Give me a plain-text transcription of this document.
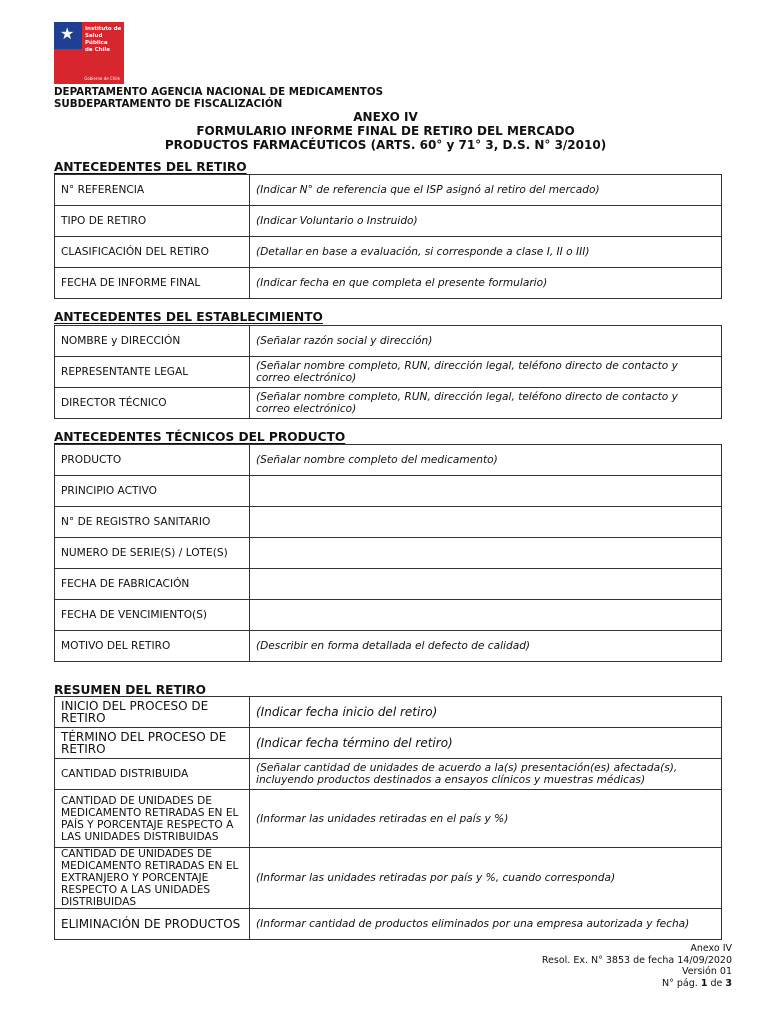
★ Instituto de
Salud Pública
de Chile
Gobierno de Chile
DEPARTAMENTO AGENCIA NACIONAL DE MEDICAMENTOS
SUBDEPARTAMENTO DE FISCALIZACIÓN
ANEXO IV
FORMULARIO INFORME FINAL DE RETIRO DEL MERCADO
PRODUCTOS FARMACÉUTICOS (ARTS. 60° y 71° 3, D.S. N° 3/2010)
ANTECEDENTES DEL RETIRO
N° REFERENCIA	(Indicar N° de referencia que el ISP asignó al retiro del mercado)
TIPO DE RETIRO	(Indicar Voluntario o Instruido)
CLASIFICACIÓN DEL RETIRO	(Detallar en base a evaluación, si corresponde a clase I, II o III)
FECHA DE INFORME FINAL	(Indicar fecha en que completa el presente formulario)
ANTECEDENTES DEL ESTABLECIMIENTO
NOMBRE y DIRECCIÓN	(Señalar razón social y dirección)
REPRESENTANTE LEGAL	(Señalar nombre completo, RUN, dirección legal, teléfono directo de contacto y correo electrónico)
DIRECTOR TÉCNICO	(Señalar nombre completo, RUN, dirección legal, teléfono directo de contacto y correo electrónico)
ANTECEDENTES TÉCNICOS DEL PRODUCTO
PRODUCTO	(Señalar nombre completo del medicamento)
PRINCIPIO ACTIVO	
N° DE REGISTRO SANITARIO	
NUMERO DE SERIE(S) / LOTE(S)	
FECHA DE FABRICACIÓN	
FECHA DE VENCIMIENTO(S)	
MOTIVO DEL RETIRO	(Describir en forma detallada el defecto de calidad)
RESUMEN DEL RETIRO
INICIO DEL PROCESO DE RETIRO	(Indicar fecha inicio del retiro)
TÉRMINO DEL PROCESO DE RETIRO	(Indicar fecha término del retiro)
CANTIDAD DISTRIBUIDA	(Señalar cantidad de unidades de acuerdo a la(s) presentación(es) afectada(s), incluyendo productos destinados a ensayos clínicos y muestras médicas)
CANTIDAD DE UNIDADES DE MEDICAMENTO RETIRADAS EN EL PAÍS Y PORCENTAJE RESPECTO A LAS UNIDADES DISTRIBUIDAS	(Informar las unidades retiradas en el país y %)
CANTIDAD DE UNIDADES DE MEDICAMENTO RETIRADAS EN EL EXTRANJERO Y PORCENTAJE RESPECTO A LAS UNIDADES DISTRIBUIDAS	(Informar las unidades retiradas por país y %, cuando corresponda)
ELIMINACIÓN DE PRODUCTOS	(Informar cantidad de productos eliminados por una empresa autorizada y fecha)
Anexo IV
Resol. Ex. N° 3853 de fecha 14/09/2020
Versión 01
N° pág. 1 de 3
